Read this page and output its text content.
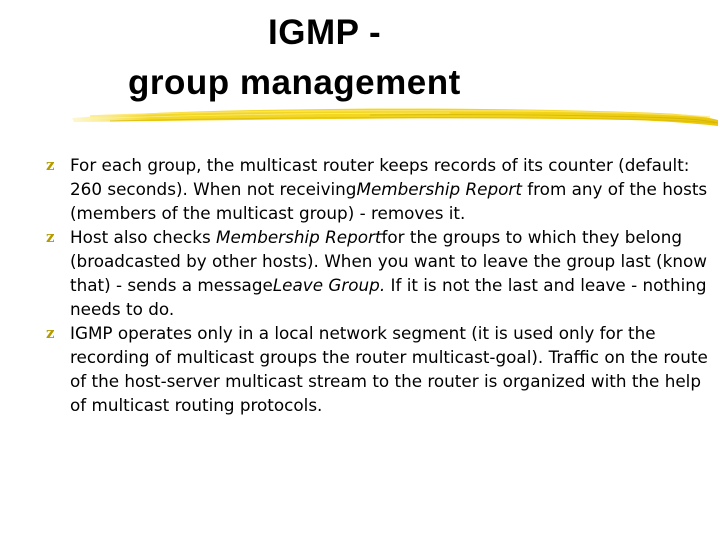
IGMP -
group management
z For each group, the multicast router keeps records of its counter (default: 260 seconds). When not receivingMembership Report from any of the hosts (members of the multicast group) - removes it.
z Host also checks Membership Reportfor the groups to which they belong (broadcasted by other hosts). When you want to leave the group last (know that) - sends a messageLeave Group. If it is not the last and leave - nothing needs to do.
z IGMP operates only in a local network segment (it is used only for the recording of multicast groups the router multicast-goal). Traffic on the route of the host-server multicast stream to the router is organized with the help of multicast routing protocols.
